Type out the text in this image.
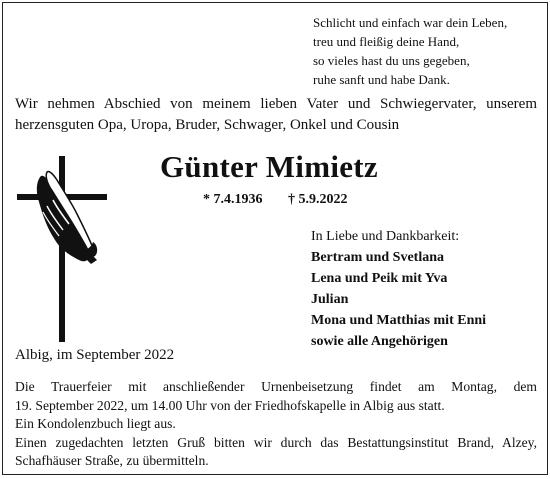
Schlicht und einfach war dein Leben,
treu und fleißig deine Hand,
so vieles hast du uns gegeben,
ruhe sanft und habe Dank.
Wir nehmen Abschied von meinem lieben Vater und Schwiegervater, unserem herzensguten Opa, Uropa, Bruder, Schwager, Onkel und Cousin
Günter Mimietz
* 7.4.1936 † 5.9.2022
In Liebe und Dankbarkeit:
Bertram und Svetlana
Lena und Peik mit Yva
Julian
Mona und Matthias mit Enni
sowie alle Angehörigen
Albig, im September 2022
Die Trauerfeier mit anschließender Urnenbeisetzung findet am Montag, dem
19. September 2022, um 14.00 Uhr von der Friedhofskapelle in Albig aus statt.
Ein Kondolenzbuch liegt aus.
Einen zugedachten letzten Gruß bitten wir durch das Bestattungsinstitut Brand, Alzey,
Schafhäuser Straße, zu übermitteln.
